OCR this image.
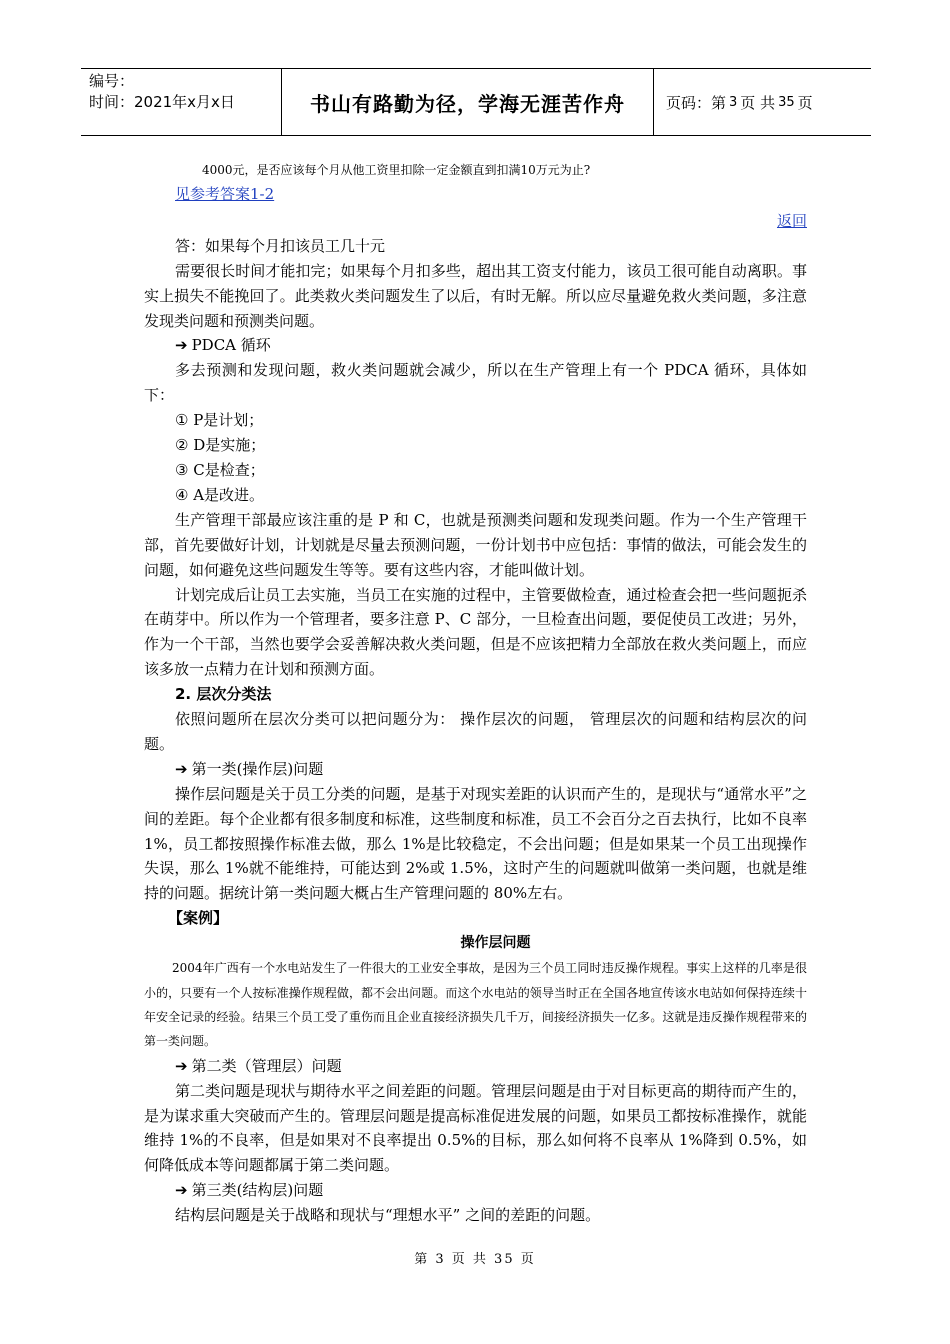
编号：
时间：2021年x月x日	书山有路勤为径，学海无涯苦作舟	页码：第 3 页 共 35 页

4000元，是否应该每个月从他工资里扣除一定金额直到扣满10万元为止?

见参考答案1-2

返回

答：如果每个月扣该员工几十元

需要很长时间才能扣完；如果每个月扣多些，超出其工资支付能力，该员工很可能自动离职。事实上损失不能挽回了。此类救火类问题发生了以后，有时无解。所以应尽量避免救火类问题，多注意发现类问题和预测类问题。

➔ PDCA 循环

多去预测和发现问题，救火类问题就会减少，所以在生产管理上有一个 PDCA 循环，具体如下：

① P是计划；

② D是实施；

③ C是检查；

④ A是改进。

生产管理干部最应该注重的是 P 和 C，也就是预测类问题和发现类问题。作为一个生产管理干部，首先要做好计划，计划就是尽量去预测问题，一份计划书中应包括：事情的做法，可能会发生的问题，如何避免这些问题发生等等。要有这些内容，才能叫做计划。

计划完成后让员工去实施，当员工在实施的过程中，主管要做检查，通过检查会把一些问题扼杀在萌芽中。所以作为一个管理者，要多注意 P、C 部分，一旦检查出问题，要促使员工改进；另外，作为一个干部，当然也要学会妥善解决救火类问题，但是不应该把精力全部放在救火类问题上，而应该多放一点精力在计划和预测方面。

2. 层次分类法

依照问题所在层次分类可以把问题分为： 操作层次的问题， 管理层次的问题和结构层次的问题。

➔ 第一类(操作层)问题

操作层问题是关于员工分类的问题，是基于对现实差距的认识而产生的，是现状与“通常水平”之间的差距。每个企业都有很多制度和标准，这些制度和标准，员工不会百分之百去执行，比如不良率 1%，员工都按照操作标准去做，那么 1%是比较稳定，不会出问题；但是如果某一个员工出现操作失误，那么 1%就不能维持，可能达到 2%或 1.5%，这时产生的问题就叫做第一类问题，也就是维持的问题。据统计第一类问题大概占生产管理问题的 80%左右。

【案例】

操作层问题

2004年广西有一个水电站发生了一件很大的工业安全事故，是因为三个员工同时违反操作规程。事实上这样的几率是很小的，只要有一个人按标准操作规程做，都不会出问题。而这个水电站的领导当时正在全国各地宣传该水电站如何保持连续十年安全记录的经验。结果三个员工受了重伤而且企业直接经济损失几千万，间接经济损失一亿多。这就是违反操作规程带来的第一类问题。

➔ 第二类（管理层）问题

第二类问题是现状与期待水平之间差距的问题。管理层问题是由于对目标更高的期待而产生的，是为谋求重大突破而产生的。管理层问题是提高标准促进发展的问题，如果员工都按标准操作，就能维持 1%的不良率，但是如果对不良率提出 0.5%的目标，那么如何将不良率从 1%降到 0.5%，如何降低成本等问题都属于第二类问题。

➔ 第三类(结构层)问题

结构层问题是关于战略和现状与“理想水平” 之间的差距的问题。

第 3 页 共 35 页
